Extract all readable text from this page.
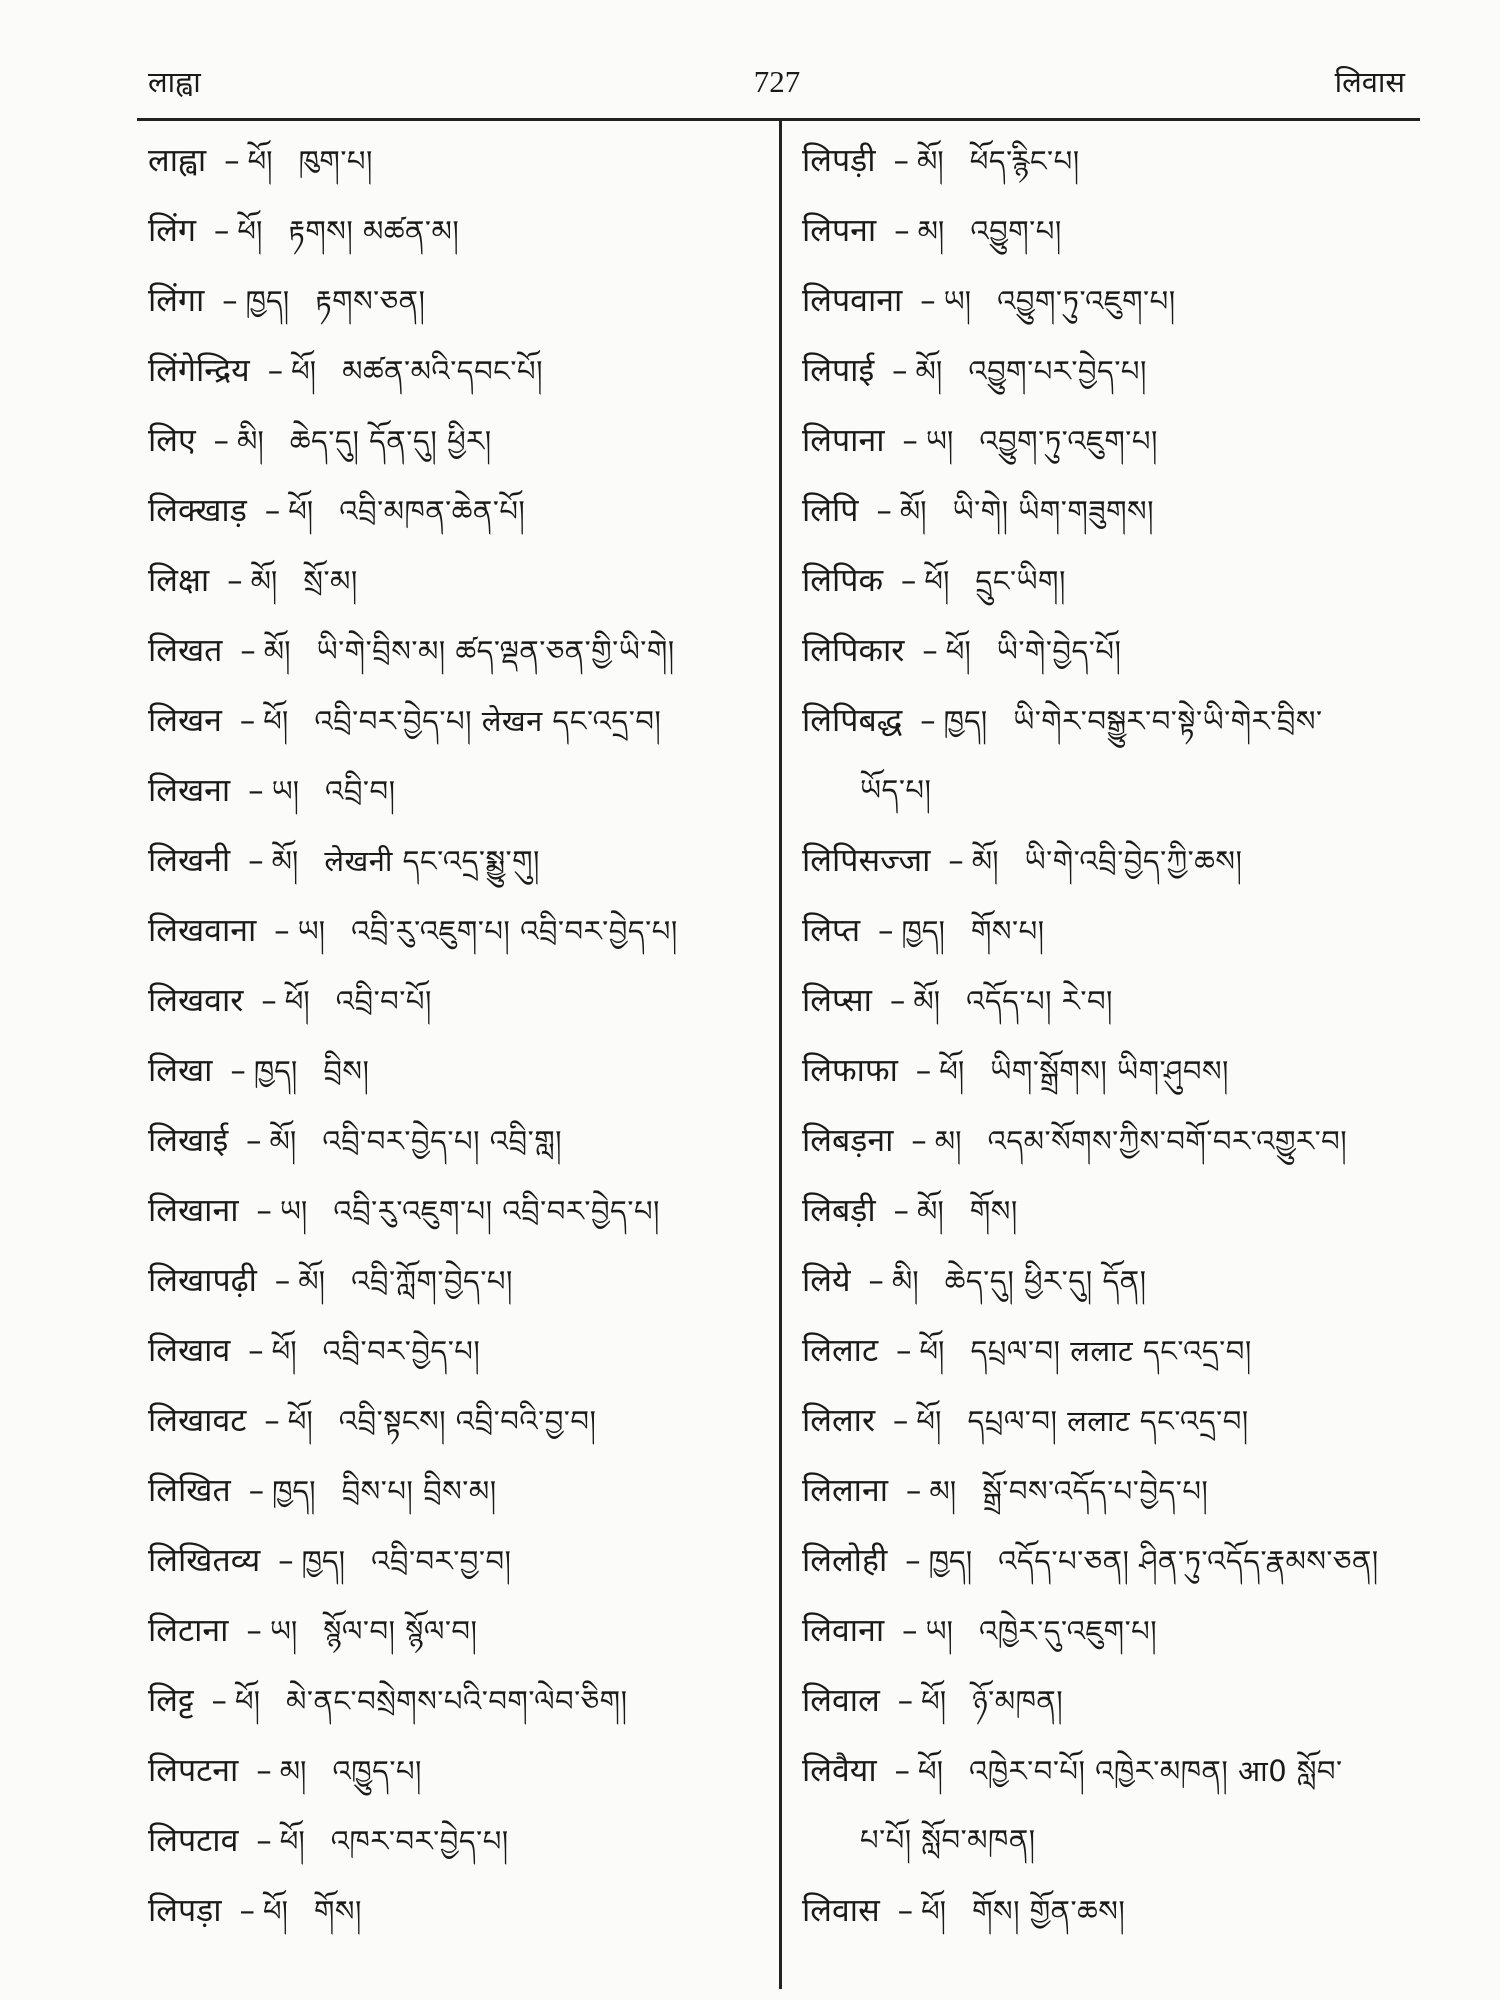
लाह्वा	727	लिवास
लाह्वा – ཕོ། ཁུག་པ།
लिंग – ཕོ། རྟགས། མཚན་མ།
लिंगा – ཁྱད། རྟགས་ཅན།
लिंगेन्द्रिय – ཕོ། མཚན་མའི་དབང་པོ།
लिए – མི། ཆེད་དུ། དོན་དུ། ཕྱིར།
लिक्खाड़ – ཕོ། འབྲི་མཁན་ཆེན་པོ།
लिक्षा – མོ། སྲོ་མ།
लिखत – མོ། ཡི་གེ་བྲིས་མ། ཚད་ལྡན་ཅན་གྱི་ཡི་གེ།
लिखन – ཕོ། འབྲི་བར་བྱེད་པ། लेखन དང་འདྲ་བ།
लिखना – ཡ། འབྲི་བ།
लिखनी – མོ། लेखनी དང་འདྲ་སྨྱུ་གུ།
लिखवाना – ཡ། འབྲི་རུ་འཇུག་པ། འབྲི་བར་བྱེད་པ།
लिखवार – ཕོ། འབྲི་བ་པོ།
लिखा – ཁྱད། བྲིས།
लिखाई – མོ། འབྲི་བར་བྱེད་པ། འབྲི་གླ།
लिखाना – ཡ། འབྲི་རུ་འཇུག་པ། འབྲི་བར་བྱེད་པ།
लिखापढ़ी – མོ། འབྲི་ཀློག་བྱེད་པ།
लिखाव – ཕོ། འབྲི་བར་བྱེད་པ།
लिखावट – ཕོ། འབྲི་སྟངས། འབྲི་བའི་བྱ་བ།
लिखित – ཁྱད། བྲིས་པ། བྲིས་མ།
लिखितव्य – ཁྱད། འབྲི་བར་བྱ་བ།
लिटाना – ཡ། སྙོལ་བ། སྙོལ་བ།
लिट्ट – ཕོ། མེ་ནང་བསྲེགས་པའི་བག་ལེབ་ཅིག།
लिपटना – མ། འཁྱུད་པ།
लिपटाव – ཕོ། འཁར་བར་བྱེད་པ།
लिपड़ा – ཕོ། གོས།
लिपड़ी – མོ། ཕོད་རྙིང་པ།
लिपना – མ། འབྱུག་པ།
लिपवाना – ཡ། འབྱུག་ཏུ་འཇུག་པ།
लिपाई – མོ། འབྱུག་པར་བྱེད་པ།
लिपाना – ཡ། འབྱུག་ཏུ་འཇུག་པ།
लिपि – མོ། ཡི་གེ། ཡིག་གཟུགས།
लिपिक – ཕོ། དྲུང་ཡིག།
लिपिकार – ཕོ། ཡི་གེ་བྱེད་པོ།
लिपिबद्ध – ཁྱད། ཡི་གེར་བསྒྱུར་བ་སྟེ་ཡི་གེར་བྲིས་
ཡོད་པ།
लिपिसज्जा – མོ། ཡི་གེ་འབྲི་བྱེད་ཀྱི་ཆས།
लिप्त – ཁྱད། གོས་པ།
लिप्सा – མོ། འདོད་པ། རེ་བ།
लिफाफा – ཕོ། ཡིག་སྒྲོགས། ཡིག་ཤུབས།
लिबड़ना – མ། འདམ་སོགས་ཀྱིས་བགོ་བར་འགྱུར་བ།
लिबड़ी – མོ། གོས།
लिये – མི། ཆེད་དུ། ཕྱིར་དུ། དོན།
लिलाट – ཕོ། དཔྲལ་བ། ललाट དང་འདྲ་བ།
लिलार – ཕོ། དཔྲལ་བ། ललाट དང་འདྲ་བ།
लिलाना – མ། སྒྲོ་བས་འདོད་པ་བྱེད་པ།
लिलोही – ཁྱད། འདོད་པ་ཅན། ཤིན་ཏུ་འདོད་རྣམས་ཅན།
लिवाना – ཡ། འཁྱེར་དུ་འཇུག་པ།
लिवाल – ཕོ། ཉོ་མཁན།
लिवैया – ཕོ། འཁྱེར་བ་པོ། འཁྱེར་མཁན། आ0 སློབ་
པ་པོ། སློབ་མཁན།
लिवास – ཕོ། གོས། གྱོན་ཆས།
